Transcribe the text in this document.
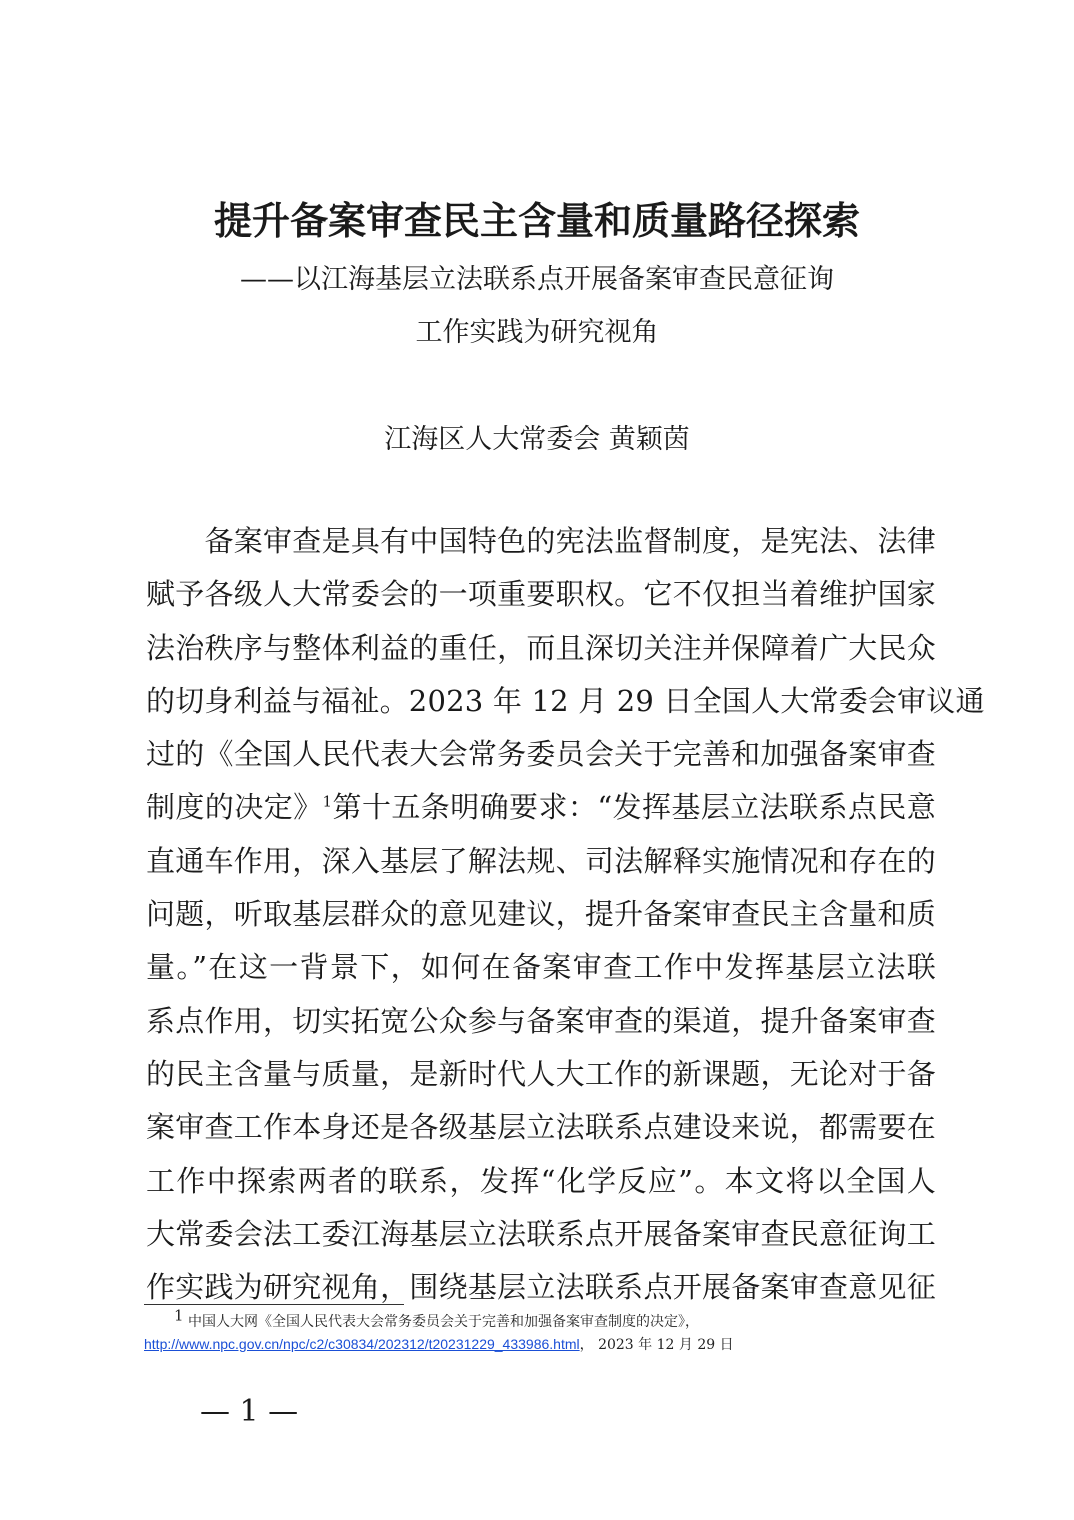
提升备案审查民主含量和质量路径探索
——以江海基层立法联系点开展备案审查民意征询
工作实践为研究视角
江海区人大常委会 黄颖茵
　　备案审查是具有中国特色的宪法监督制度，是宪法、法律
赋予各级人大常委会的一项重要职权。它不仅担当着维护国家
法治秩序与整体利益的重任，而且深切关注并保障着广大民众
的切身利益与福祉。2023 年 12 月 29 日全国人大常委会审议通
过的《全国人民代表大会常务委员会关于完善和加强备案审查
制度的决定》$^1$第十五条明确要求：“发挥基层立法联系点民意
直通车作用，深入基层了解法规、司法解释实施情况和存在的
问题，听取基层群众的意见建议，提升备案审查民主含量和质
量。”在这一背景下，如何在备案审查工作中发挥基层立法联
系点作用，切实拓宽公众参与备案审查的渠道，提升备案审查
的民主含量与质量，是新时代人大工作的新课题，无论对于备
案审查工作本身还是各级基层立法联系点建设来说，都需要在
工作中探索两者的联系，发挥“化学反应”。本文将以全国人
大常委会法工委江海基层立法联系点开展备案审查民意征询工
作实践为研究视角，围绕基层立法联系点开展备案审查意见征
1 中国人大网《全国人民代表大会常务委员会关于完善和加强备案审查制度的决定》，
http://www.npc.gov.cn/npc/c2/c30834/202312/t20231229_433986.html， 2023 年 12 月 29 日
— 1 —
